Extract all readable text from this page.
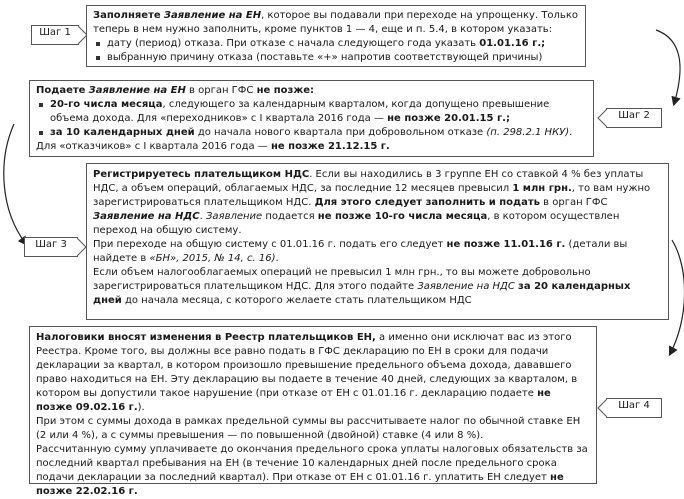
Шаг 1

Заполняете Заявление на ЕН, которое вы подавали при переходе на упрощенку. Только теперь в нем нужно заполнить, кроме пунктов 1 — 4, еще и п. 5.4, в котором указать:

дату (период) отказа. При отказе с начала следующего года указать 01.01.16 г.;
выбранную причину отказа (поставьте «+» напротив соответствующей причины)

Подаете Заявление на ЕН в орган ГФС не позже:

20-го числа месяца, следующего за календарным кварталом, когда допущено превышение объема дохода. Для «переходников» с I квартала 2016 года — не позже 20.01.15 г.;
за 10 календарных дней до начала нового квартала при добровольном отказе (п. 298.2.1 НКУ).

Для «отказчиков» с I квартала 2016 года — не позже 21.12.15 г.

Шаг 2

Регистрируетесь плательщиком НДС. Если вы находились в 3 группе ЕН со ставкой 4 % без уплаты НДС, а объем операций, облагаемых НДС, за последние 12 месяцев превысил 1 млн грн., то вам нужно зарегистрироваться плательщиком НДС. Для этого следует заполнить и подать в орган ГФС Заявление на НДС. Заявление подается не позже 10-го числа месяца, в котором осуществлен переход на общую систему.

При переходе на общую систему с 01.01.16 г. подать его следует не позже 11.01.16 г. (детали вы найдете в «БН», 2015, № 14, с. 16).

Если объем налогооблагаемых операций не превысил 1 млн грн., то вы можете добровольно зарегистрироваться плательщиком НДС. Для этого подайте Заявление на НДС за 20 календарных дней до начала месяца, с которого желаете стать плательщиком НДС

Шаг 3

Налоговики вносят изменения в Реестр плательщиков ЕН, а именно они исключат вас из этого Реестра. Кроме того, вы должны все равно подать в ГФС декларацию по ЕН в сроки для подачи декларации за квартал, в котором произошло превышение предельного объема дохода, дававшего право находиться на ЕН. Эту декларацию вы подаете в течение 40 дней, следующих за кварталом, в котором вы допустили такое нарушение (при отказе от ЕН с 01.01.16 г. декларацию подаете не позже 09.02.16 г.).

При этом с суммы дохода в рамках предельной суммы вы рассчитываете налог по обычной ставке ЕН (2 или 4 %), а с суммы превышения — по повышенной (двойной) ставке (4 или 8 %).

Рассчитанную сумму уплачиваете до окончания предельного срока уплаты налоговых обязательств за последний квартал пребывания на ЕН (в течение 10 календарных дней после предельного срока подачи декларации за последний квартал). При отказе от ЕН с 01.01.16 г. уплатить ЕН следует не позже 22.02.16 г.

Шаг 4
